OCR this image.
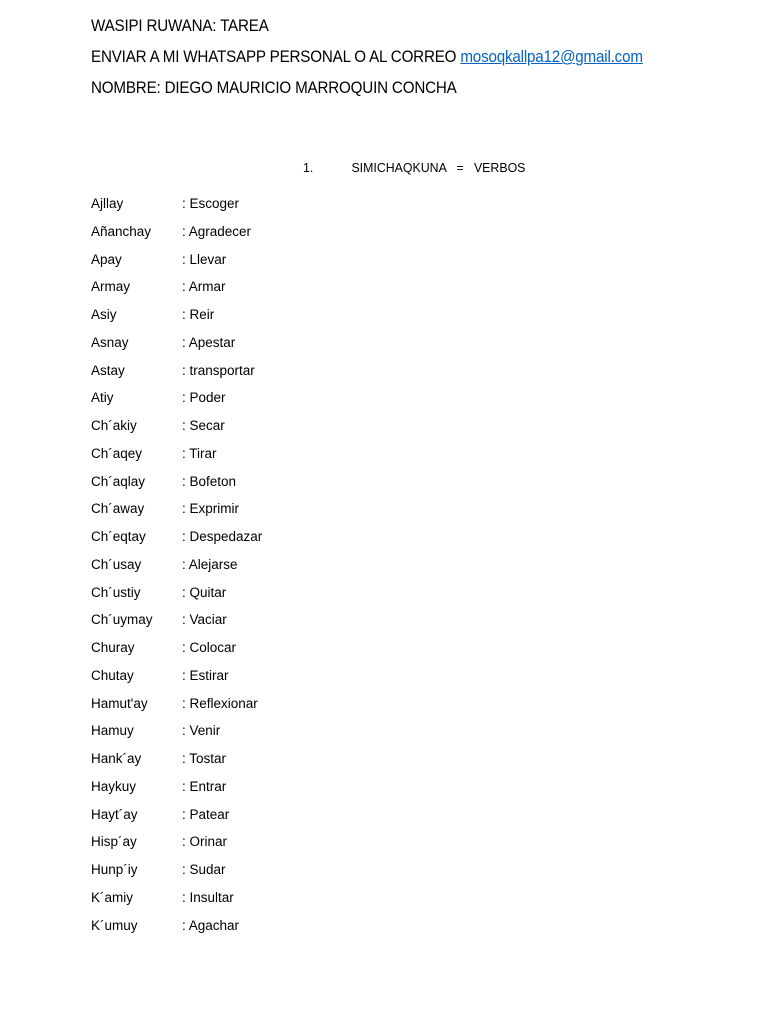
WASIPI RUWANA: TAREA
ENVIAR A MI WHATSAPP PERSONAL O AL CORREO mosoqkallpa12@gmail.com
NOMBRE: DIEGO MAURICIO MARROQUIN CONCHA
1.	SIMICHAQKUNA   =   VERBOS
Ajllay	: Escoger
Añanchay : Agradecer
Apay	: Llevar
Armay	: Armar
Asiy	: Reir
Asnay	: Apestar
Astay	: transportar
Atiy	: Poder
Ch´akiy	: Secar
Ch´aqey	: Tirar
Ch´aqlay	: Bofeton
Ch´away	: Exprimir
Ch´eqtay	: Despedazar
Ch´usay	: Alejarse
Ch´ustiy	: Quitar
Ch´uymay : Vaciar
Churay	: Colocar
Chutay	: Estirar
Hamut'ay	: Reflexionar
Hamuy	: Venir
Hank´ay	: Tostar
Haykuy	: Entrar
Hayt´ay	: Patear
Hisp´ay	: Orinar
Hunp´iy	: Sudar
K´amiy	: Insultar
K´umuy	: Agachar
